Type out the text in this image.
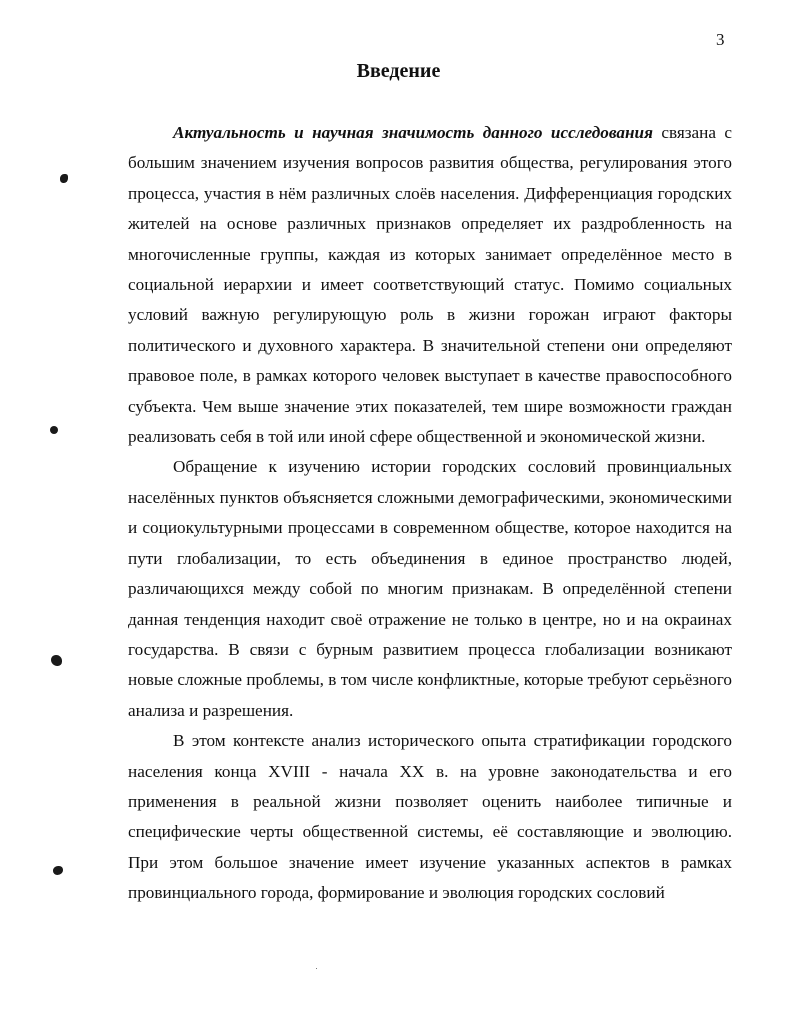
3
Введение

Актуальность и научная значимость данного исследования связана с большим значением изучения вопросов развития общества, регулирования этого процесса, участия в нём различных слоёв населения. Дифференциация городских жителей на основе различных признаков определяет их раздробленность на многочисленные группы, каждая из которых занимает определённое место в социальной иерархии и имеет соответствующий статус. Помимо социальных условий важную регулирующую роль в жизни горожан играют факторы политического и духовного характера. В значительной степени они определяют правовое поле, в рамках которого человек выступает в качестве правоспособного субъекта. Чем выше значение этих показателей, тем шире возможности граждан реализовать себя в той или иной сфере общественной и экономической жизни.

Обращение к изучению истории городских сословий провинциальных населённых пунктов объясняется сложными демографическими, экономическими и социокультурными процессами в современном обществе, которое находится на пути глобализации, то есть объединения в единое пространство людей, различающихся между собой по многим признакам. В определённой степени данная тенденция находит своё отражение не только в центре, но и на окраинах государства. В связи с бурным развитием процесса глобализации возникают новые сложные проблемы, в том числе конфликтные, которые требуют серьёзного анализа и разрешения.

В этом контексте анализ исторического опыта стратификации городского населения конца XVIII - начала XX в. на уровне законодательства и его применения в реальной жизни позволяет оценить наиболее типичные и специфические черты общественной системы, её составляющие и эволюцию. При этом большое значение имеет изучение указанных аспектов в рамках провинциального города, формирование и эволюция городских сословий
